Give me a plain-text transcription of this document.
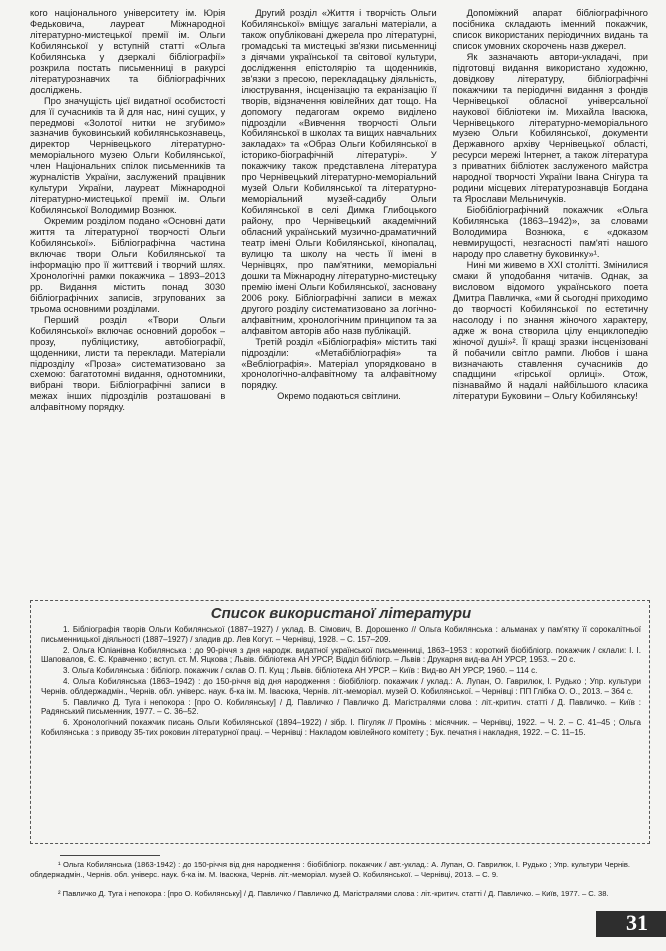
кого національного університету ім. Юрія Федьковича, лауреат Міжнародної літературно-мистецької премії ім. Ольги Кобилянської у вступній статті «Ольга Кобилянська у дзеркалі бібліографії» розкрила постать письменниці в ракурсі літературознавчих та бібліографічних досліджень.

Про значущість цієї видатної особистості для її сучасників та й для нас, нині сущих, у передмові «Золотої нитки не згубимо» зазначив буковинський кобилянськознавець, директор Чернівецького літературно-меморіального музею Ольги Кобилянської, член Національних спілок письменників та журналістів України, заслужений працівник культури України, лауреат Міжнародної літературно-мистецької премії ім. Ольги Кобилянської Володимир Вознюк.

Окремим розділом подано «Основні дати життя та літературної творчості Ольги Кобилянської». Бібліографічна частина включає твори Ольги Кобилянської та інформацію про її життєвий і творчий шлях. Хронологічні рамки покажчика – 1893–2013 рр. Видання містить понад 3030 бібліографічних записів, згрупованих за трьома основними розділами.

Перший розділ «Твори Ольги Кобилянської» включає основний доробок – прозу, публіцистику, автобіографії, щоденники, листи та переклади. Матеріали підрозділу «Проза» систематизовано за схемою: багатотомні видання, однотомники, вибрані твори. Бібліографічні записи в межах інших підрозділів розташовані в алфавітному порядку.

Другий розділ «Життя і творчість Ольги Кобилянської» вміщує загальні матеріали, а також опубліковані джерела про літературні, громадські та мистецькі зв'язки письменниці з діячами української та світової культури, дослідження епістолярію та щоденників, зв'язки з пресою, перекладацьку діяльність, ілюстрування, інсценізацію та екранізацію її творів, відзначення ювілейних дат тощо. На допомогу педагогам окремо виділено підрозділи «Вивчення творчості Ольги Кобилянської в школах та вищих навчальних закладах» та «Образ Ольги Кобилянської в історико-біографічній літературі». У покажчику також представлена література про Чернівецький літературно-меморіальний музей Ольги Кобилянської та літературно-меморіальний музей-садибу Ольги Кобилянської в селі Димка Глибоцького району, про Чернівецький академічний обласний український музично-драматичний театр імені Ольги Кобилянської, кінопалац, вулицю та школу на честь її імені в Чернівцях, про пам'ятники, меморіальні дошки та Міжнародну літературно-мистецьку премію імені Ольги Кобилянської, засновану 2006 року. Бібліографічні записи в межах другого розділу систематизовано за логічно-алфавітним, хронологічним принципом та за алфавітом авторів або назв публікацій.

Третій розділ «Бібліографія» містить такі підрозділи: «Метабібліографія» та «Вебліографія». Матеріал упорядковано в хронологічно-алфавітному та алфавітному порядку.

Окремо подаються світлини.

Допоміжний апарат бібліографічного посібника складають іменний покажчик, список використаних періодичних видань та список умовних скорочень назв джерел.

Як зазначають автори-укладачі, при підготовці видання використано художню, довідкову літературу, бібліографічні покажчики та періодичні видання з фондів Чернівецької обласної універсальної наукової бібліотеки ім. Михайла Івасюка, Чернівецького літературно-меморіального музею Ольги Кобилянської, документи Державного архіву Чернівецької області, ресурси мережі Інтернет, а також література з приватних бібліотек заслуженого майстра народної творчості України Івана Снігура та родини місцевих літературознавців Богдана та Ярослави Мельничуків.

Біобібліографічний покажчик «Ольга Кобилянська (1863–1942)», за словами Володимира Вознюка, є «доказом невмирущості, незгасності пам'яті нашого народу про славетну буковинку»¹.

Нині ми живемо в ХХІ столітті. Змінилися смаки й уподобання читачів. Однак, за висловом відомого українського поета Дмитра Павличка, «ми й сьогодні приходимо до творчості Кобилянської по естетичну насолоду і по знання жіночого характеру, адже ж вона створила цілу енциклопедію жіночої душі»². Її кращі зразки інсценізовані й побачили світло рампи. Любов і шана визначають ставлення сучасників до спадщини «гірської орлиці». Отож, пізнаваймо й надалі найбільшого класика літератури Буковини – Ольгу Кобилянську!

Список використаної літератури

1. Бібліографія творів Ольги Кобилянської (1887–1927) / уклад. В. Сімович, В. Дорошенко // Ольга Кобилянська : альманах у пам'ятку її сорокалітньої письменницької діяльності (1887–1927) / зладив др. Лев Когут. – Чернівці, 1928. – С. 157–209.

2. Ольга Юліанівна Кобилянська : до 90-річчя з дня народж. видатної української письменниці, 1863–1953 : короткий біобібліогр. покажчик / склали: І. І. Шаповалов, Є. Є. Кравченко ; вступ. ст. М. Яцкова ; Львів. бібліотека АН УРСР, Відділ бібліогр. – Львів : Друкарня вид-ва АН УРСР, 1953. – 20 с.

3. Ольга Кобилянська : бібліогр. покажчик / склав О. П. Кущ ; Львів. бібліотека АН УРСР. – Київ : Вид-во АН УРСР, 1960. – 114 с.

4. Ольга Кобилянська (1863–1942) : до 150-річчя від дня народження : біобібліогр. покажчик / уклад.: А. Лупан, О. Гаврилюк, І. Рудько ; Упр. культури Чернів. облдержадмін., Чернів. обл. універс. наук. б-ка ім. М. Івасюка, Чернів. літ.-меморіал. музей О. Кобилянської. – Чернівці : ПП Глібка О. О., 2013. – 364 с.

5. Павличко Д. Туга і непокора : [про О. Кобилянську] / Д. Павличко / Павличко Д. Магістралями слова : літ.-критич. статті / Д. Павличко. – Київ : Радянський письменник, 1977. – С. 36–52.

6. Хронологічний покажчик писань Ольги Кобилянської (1894–1922) / зібр. І. Пігуляк // Промінь : місячник. – Чернівці, 1922. – Ч. 2. – С. 41–45 ; Ольга Кобилянська : з приводу 35-тих роковин літературної праці. – Чернівці : Накладом ювілейного комітету ; Бук. печатня і накладня, 1922. – С. 11–15.

¹ Ольга Кобилянська (1863-1942) : до 150-річчя від дня народження : біобібліогр. покажчик / авт.-уклад.: А. Лупан, О. Гаврилюк, І. Рудько ; Упр. культури Чернів. облдержадмін., Чернів. обл. універс. наук. б-ка ім. М. Івасюка, Чернів. літ.-меморіал. музей О. Кобилянської. – Чернівці, 2013. – С. 9.
² Павличко Д. Туга і непокора : [про О. Кобилянську] / Д. Павличко / Павличко Д. Магістралями слова : літ.-критич. статті / Д. Павличко. – Київ, 1977. – С. 38.
31
